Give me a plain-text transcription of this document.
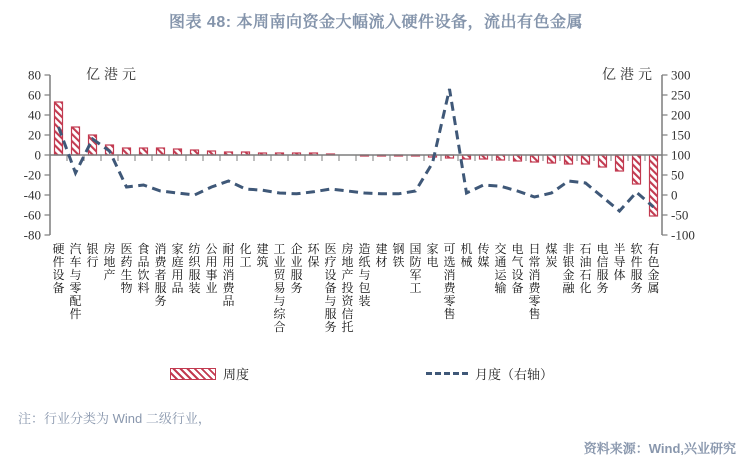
图表 48: 本周南向资金大幅流入硬件设备，流出有色金属
80
60
40
20
0
-20
-40
-60
-80
亿港元	300
250
200
150
100
50
0
-50
-100
亿港元
硬件设备
汽车与零配件
银行
房地产
医药生物
食品饮料
消费者服务
家庭用品
纺织服装
公用事业
耐用消费品
化工
建筑
工业贸易与综合
企业服务
环保
医疗设备与服务
房地产投资信托
造纸与包装
建材
钢铁
国防军工
家电
可选消费零售
机械
传媒
交通运输
电气设备
日常消费零售
煤炭
非银金融
石油石化
电信服务
半导体
软件服务
有色金属
周度	月度（右轴）
注：行业分类为 Wind 二级行业，
资料来源：Wind,兴业研究
